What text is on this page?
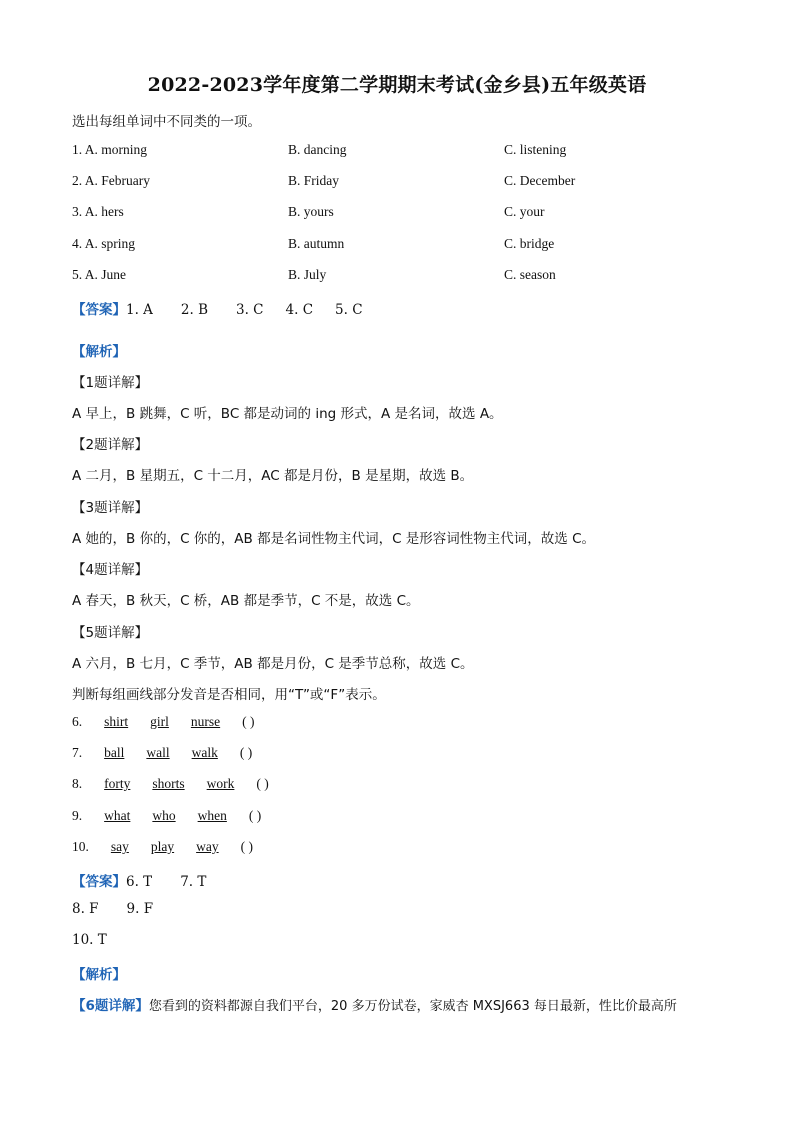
2022-2023学年度第二学期期末考试(金乡县)五年级英语
选出每组单词中不同类的一项。
1. A. morning	B. dancing	C. listening
2. A. February	B. Friday	C. December
3. A. hers	B. yours	C. your
4. A. spring	B. autumn	C. bridge
5. A. June	B. July	C. season
【答案】1. A 2. B 3. C 4. C 5. C
【解析】
【1题详解】
A 早上，B 跳舞，C 听，BC 都是动词的 ing 形式，A 是名词，故选 A。
【2题详解】
A 二月，B 星期五，C 十二月，AC 都是月份，B 是星期，故选 B。
【3题详解】
A 她的，B 你的，C 你的，AB 都是名词性物主代词，C 是形容词性物主代词，故选 C。
【4题详解】
A 春天，B 秋天，C 桥，AB 都是季节，C 不是，故选 C。
【5题详解】
A 六月，B 七月，C 季节，AB 都是月份，C 是季节总称，故选 C。
判断每组画线部分发音是否相同，用“T”或“F”表示。
6. shirt girl nurse ( )
7. ball wall walk ( )
8. forty shorts work ( )
9. what who when ( )
10. say play way ( )
【答案】6. T 7. T
8. F 9. F
10. T
【解析】
【6题详解】您看到的资料都源自我们平台，20 多万份试卷，家威杏 MXSJ663 每日最新，性比价最高所
